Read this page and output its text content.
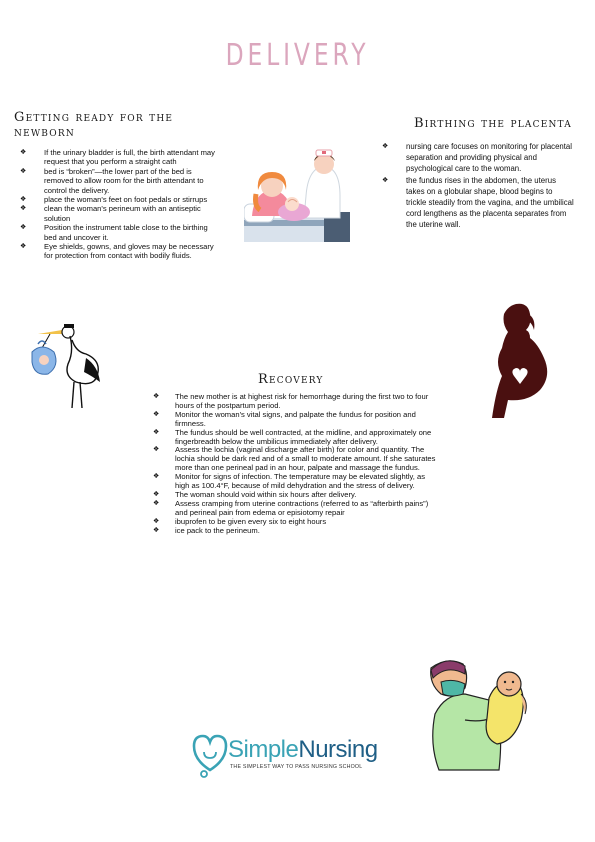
DELIVERY
Getting ready for the newborn
❖ If the urinary bladder is full, the birth attendant may request that you perform a straight cath
❖ bed is “broken”—the lower part of the bed is removed to allow room for the birth attendant to control the delivery.
❖ place the woman's feet on foot pedals or stirrups
❖ clean the woman's perineum with an antiseptic solution
❖ Position the instrument table close to the birthing bed and uncover it.
❖ Eye shields, gowns, and gloves may be necessary for protection from contact with bodily fluids.
Birthing the placenta
❖ nursing care focuses on monitoring for placental separation and providing physical and psychological care to the woman.
❖ the fundus rises in the abdomen, the uterus takes on a globular shape, blood begins to trickle steadily from the vagina, and the umbilical cord lengthens as the placenta separates from the uterine wall.
Recovery
❖ The new mother is at highest risk for hemorrhage during the first two to four hours of the postpartum period.
❖ Monitor the woman's vital signs, and palpate the fundus for position and firmness.
❖ The fundus should be well contracted, at the midline, and approximately one fingerbreadth below the umbilicus immediately after delivery.
❖ Assess the lochia (vaginal discharge after birth) for color and quantity. The lochia should be dark red and of a small to moderate amount. If she saturates more than one perineal pad in an hour, palpate and massage the fundus.
❖ Monitor for signs of infection. The temperature may be elevated slightly, as high as 100.4°F, because of mild dehydration and the stress of delivery.
❖ The woman should void within six hours after delivery.
❖ Assess cramping from uterine contractions (referred to as “afterbirth pains”) and perineal pain from edema or episiotomy repair
❖ ibuprofen to be given every six to eight hours
❖ ice pack to the perineum.
SimpleNursing
THE SIMPLEST WAY TO PASS NURSING SCHOOL
